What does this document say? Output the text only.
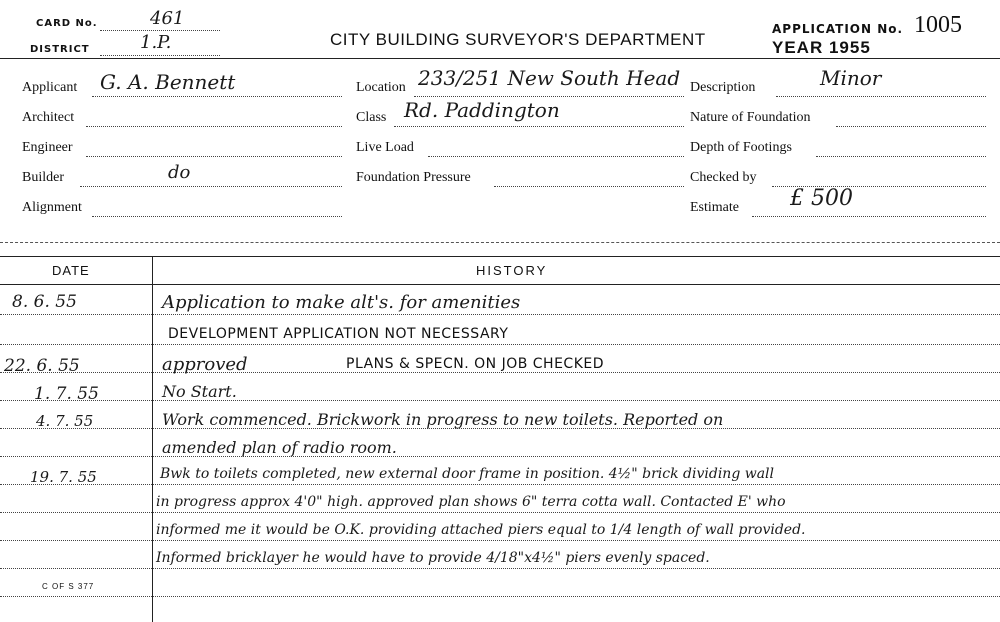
CARD No.	461
DISTRICT	1.P.	CITY BUILDING SURVEYOR'S DEPARTMENT
APPLICATION No. 1005
YEAR 1955
Applicant G. A. Bennett
Architect
Engineer
Builder	do
Alignment
Location 233/251 New South Head
Class Rd. Paddington
Live Load
Foundation Pressure
Description	Minor
Nature of Foundation
Depth of Footings
Checked by
Estimate £ 500
DATE	HISTORY
8. 6. 55	Application to make alt's. for amenities
DEVELOPMENT APPLICATION NOT NECESSARY
22. 6. 55	approved	PLANS & SPECN. ON JOB CHECKED
1. 7. 55	No Start.
4. 7. 55	Work commenced. Brickwork in progress to new toilets. Reported on
amended plan of radio room.
19. 7. 55	Bwk to toilets completed, new external door frame in position. 4½" brick dividing wall
in progress approx 4'0" high. approved plan shows 6" terra cotta wall. Contacted E' who
informed me it would be O.K. providing attached piers equal to 1/4 length of wall provided.
Informed bricklayer he would have to provide 4/18"x4½" piers evenly spaced.
C OF S 377
